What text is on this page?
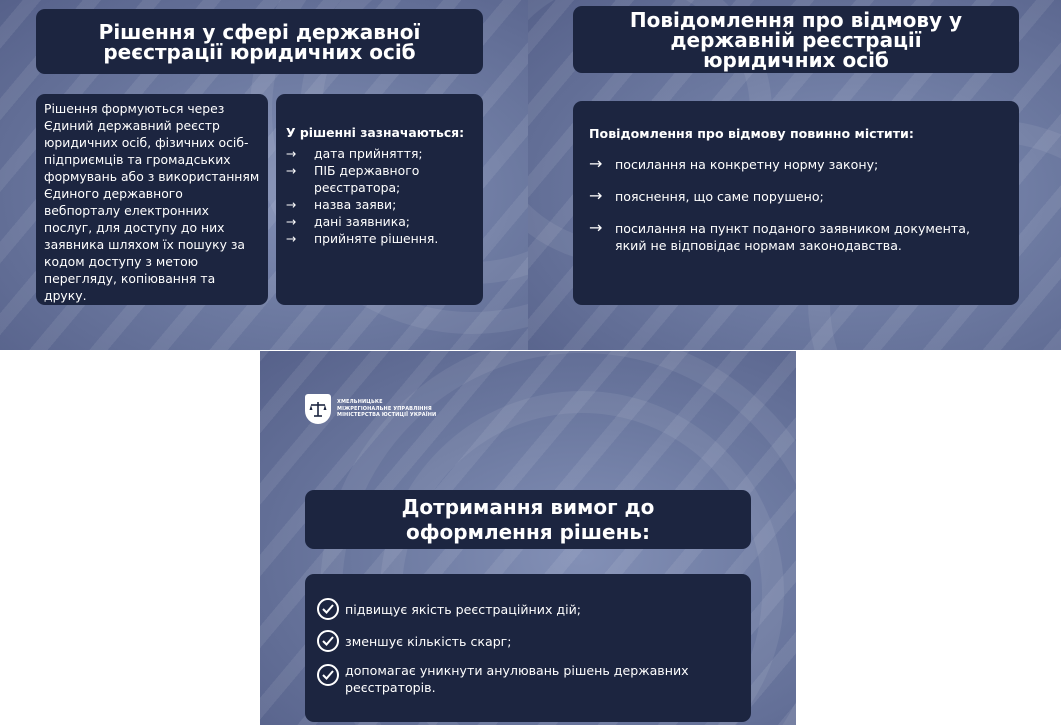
Рішення у сфері державної реєстрації юридичних осіб
Рішення формуються через Єдиний державний реєстр юридичних осіб, фізичних осіб-підприємців та громадських формувань або з використанням Єдиного державного вебпорталу електронних послуг, для доступу до них заявника шляхом їх пошуку за кодом доступу з метою перегляду, копіювання та друку.
У рішенні зазначаються:
→	дата прийняття;
→	ПІБ державного реєстратора;
→	назва заяви;
→	дані заявника;
→	прийняте рішення.
Повідомлення про відмову у державній реєстрації юридичних осіб
Повідомлення про відмову повинно містити:
→ посилання на конкретну норму закону;
→ пояснення, що саме порушено;
→ посилання на пункт поданого заявником документа, який не відповідає нормам законодавства.
ХМЕЛЬНИЦЬКЕ
МІЖРЕГІОНАЛЬНЕ УПРАВЛІННЯ
МІНІСТЕРСТВА ЮСТИЦІЇ УКРАЇНИ
Дотримання вимог до оформлення рішень:
підвищує якість реєстраційних дій;
зменшує кількість скарг;
допомагає уникнути анулювань рішень державних реєстраторів.
